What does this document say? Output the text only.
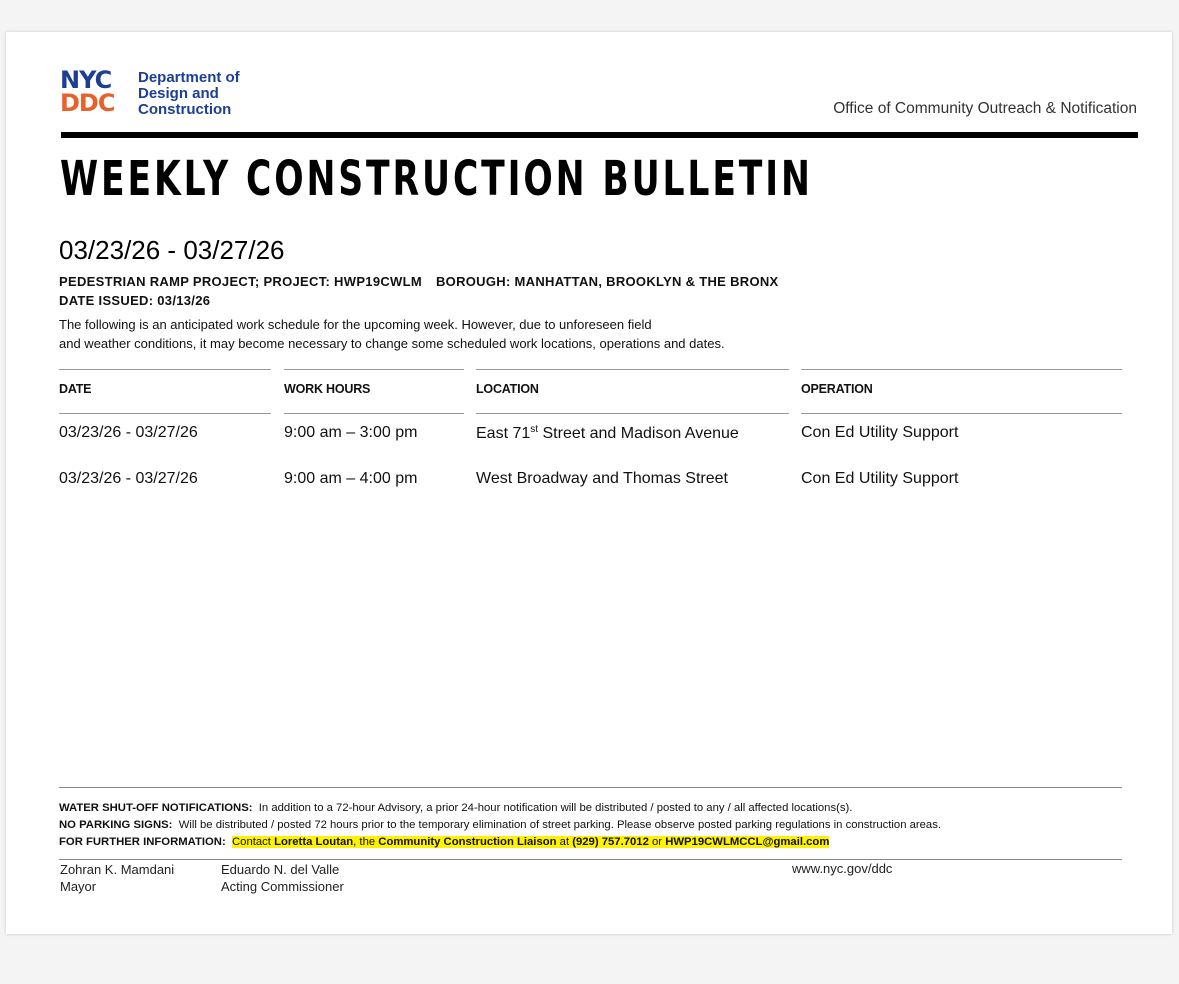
NYC
DDC
Department of
Design and
Construction	Office of Community Outreach & Notification
WEEKLY CONSTRUCTION BULLETIN
03/23/26 - 03/27/26
PEDESTRIAN RAMP PROJECT; PROJECT: HWP19CWLM BOROUGH: MANHATTAN, BROOKLYN & THE BRONX
DATE ISSUED: 03/13/26
The following is an anticipated work schedule for the upcoming week. However, due to unforeseen field
and weather conditions, it may become necessary to change some scheduled work locations, operations and dates.
DATE	WORK HOURS	LOCATION	OPERATION
03/23/26 - 03/27/26	9:00 am – 3:00 pm	East 71st Street and Madison Avenue	Con Ed Utility Support
03/23/26 - 03/27/26	9:00 am – 4:00 pm	West Broadway and Thomas Street	Con Ed Utility Support
WATER SHUT-OFF NOTIFICATIONS: In addition to a 72-hour Advisory, a prior 24-hour notification will be distributed / posted to any / all affected locations(s).
NO PARKING SIGNS: Will be distributed / posted 72 hours prior to the temporary elimination of street parking. Please observe posted parking regulations in construction areas.
FOR FURTHER INFORMATION: Contact Loretta Loutan, the Community Construction Liaison at (929) 757.7012 or HWP19CWLMCCL@gmail.com
Zohran K. Mamdani
Mayor
Eduardo N. del Valle
Acting Commissioner
www.nyc.gov/ddc
